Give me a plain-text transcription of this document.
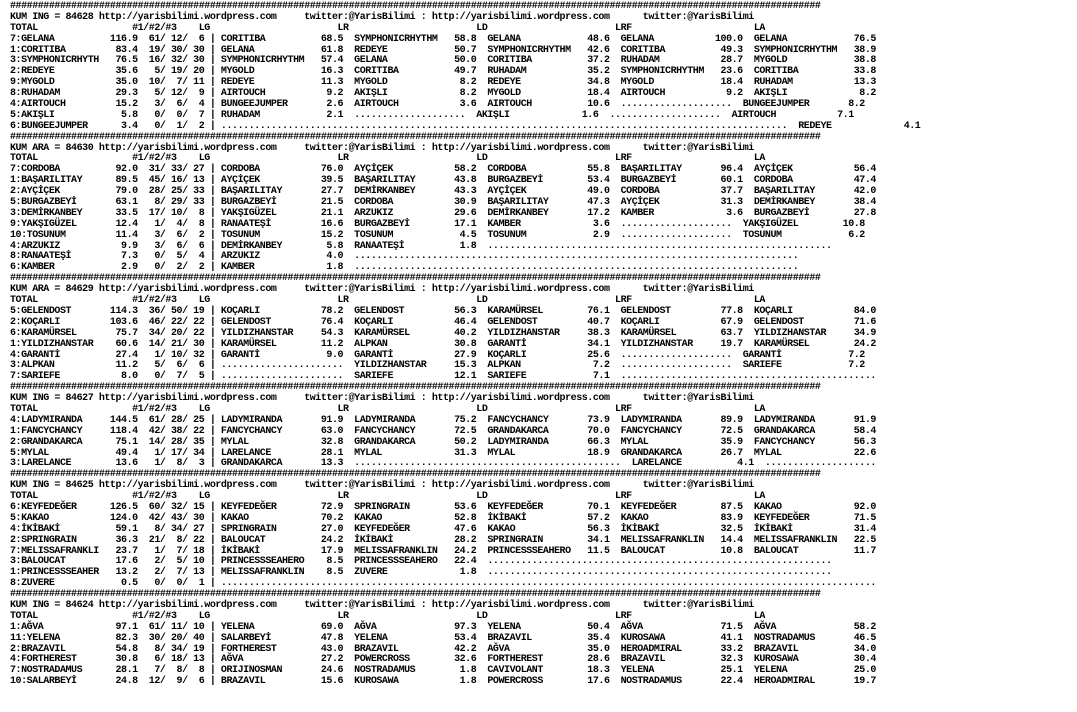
##################################################################################################################################################
KUM ING = 84628 http://yarisbilimi.wordpress.com     twitter:@YarisBilimi : http://yarisbilimi.wordpress.com      twitter:@YarisBilimi
TOTAL                 #1/#2/#3    LG                       LR                       LD                       LRF                      LA
7:GELANA          116.9  61/ 12/  6 | CORITIBA          68.5  SYMPHONICRHYTHM   58.8  GELANA            48.6  GELANA           100.0  GELANA            76.5
1:CORITIBA         83.4  19/ 30/ 30 | GELANA            61.8  REDEYE            50.7  SYMPHONICRHYTHM   42.6  CORITIBA          49.3  SYMPHONICRHYTHM   38.9
3:SYMPHONICRHYTH   76.5  16/ 32/ 30 | SYMPHONICRHYTHM   57.4  GELANA            50.0  CORITIBA          37.2  RUHADAM           28.7  MYGOLD            38.8
2:REDEYE           35.6   5/ 19/ 20 | MYGOLD            16.3  CORITIBA          49.7  RUHADAM           35.2  SYMPHONICRHYTHM   23.6  CORITIBA          33.8
9:MYGOLD           35.0  10/  7/ 11 | REDEYE            11.3  MYGOLD             8.2  REDEYE            34.8  MYGOLD            18.4  RUHADAM           13.3
8:RUHADAM          29.3   5/ 12/  9 | AIRTOUCH           9.2  AKIŞLI             8.2  MYGOLD            18.4  AIRTOUCH           9.2  AKIŞLI             8.2
4:AIRTOUCH         15.2   3/  6/  4 | BUNGEEJUMPER       2.6  AIRTOUCH           3.6  AIRTOUCH          10.6  ....................  BUNGEEJUMPER       8.2
5:AKIŞLI            5.8   0/  0/  7 | RUHADAM            2.1  ....................  AKIŞLI             1.6  ....................  AIRTOUCH           7.1
6:BUNGEEJUMPER      3.4   0/  1/  2 | ......................................................................................................  REDEYE             4.1
##################################################################################################################################################
KUM ARA = 84630 http://yarisbilimi.wordpress.com     twitter:@YarisBilimi : http://yarisbilimi.wordpress.com      twitter:@YarisBilimi
TOTAL                 #1/#2/#3    LG                       LR                       LD                       LRF                      LA
7:CORDOBA          92.0  31/ 33/ 27 | CORDOBA           76.0  AYÇİÇEK           58.2  CORDOBA           55.8  BAŞARILITAY       96.4  AYÇİÇEK           56.4
1:BAŞARILITAY      89.5  45/ 16/ 13 | AYÇİÇEK           39.5  BAŞARILITAY       43.8  BURGAZBEYİ        53.4  BURGAZBEYİ        60.1  CORDOBA           47.4
2:AYÇİÇEK          79.0  28/ 25/ 33 | BAŞARILITAY       27.7  DEMİRKANBEY       43.3  AYÇİÇEK           49.0  CORDOBA           37.7  BAŞARILITAY       42.0
5:BURGAZBEYİ       63.1   8/ 29/ 33 | BURGAZBEYİ        21.5  CORDOBA           30.9  BAŞARILITAY       47.3  AYÇİÇEK           31.3  DEMİRKANBEY       38.4
3:DEMİRKANBEY      33.5  17/ 10/  8 | YAKŞIGÜZEL        21.1  ARZUKIZ           29.6  DEMİRKANBEY       17.2  KAMBER             3.6  BURGAZBEYİ        27.8
9:YAKŞIGÜZEL       12.4   1/  4/  8 | RANAATEŞİ         16.6  BURGAZBEYİ        17.1  KAMBER             3.6  ....................  YAKŞIGÜZEL        10.8
10:TOSUNUM         11.4   3/  6/  2 | TOSUNUM           15.2  TOSUNUM            4.5  TOSUNUM            2.9  ....................  TOSUNUM            6.2
4:ARZUKIZ           9.9   3/  6/  6 | DEMİRKANBEY        5.8  RANAATEŞİ          1.8  ..............................................................
8:RANAATEŞİ         7.3   0/  5/  4 | ARZUKIZ            4.0  ................................................................................
6:KAMBER            2.9   0/  2/  2 | KAMBER             1.8  ................................................................................
##################################################################################################################################################
KUM ARA = 84629 http://yarisbilimi.wordpress.com     twitter:@YarisBilimi : http://yarisbilimi.wordpress.com      twitter:@YarisBilimi
TOTAL                 #1/#2/#3    LG                       LR                       LD                       LRF                      LA
5:GELENDOST       114.3  36/ 50/ 19 | KOÇARLI           78.2  GELENDOST         56.3  KARAMÜRSEL        76.1  GELENDOST         77.8  KOÇARLI           84.0
2:KOÇARLI         103.6  46/ 22/ 22 | GELENDOST         76.4  KOÇARLI           46.4  GELENDOST         40.7  KOÇARLI           67.9  GELENDOST         71.6
6:KARAMÜRSEL       75.7  34/ 20/ 22 | YILDIZHANSTAR     54.3  KARAMÜRSEL        40.2  YILDIZHANSTAR     38.3  KARAMÜRSEL        63.7  YILDIZHANSTAR     34.9
1:YILDIZHANSTAR    60.6  14/ 21/ 30 | KARAMÜRSEL        11.2  ALPKAN            30.8  GARANTİ           34.1  YILDIZHANSTAR     19.7  KARAMÜRSEL        24.2
4:GARANTİ          27.4   1/ 10/ 32 | GARANTİ            9.0  GARANTİ           27.9  KOÇARLI           25.6  ....................  GARANTİ            7.2
3:ALPKAN           11.2   5/  6/  6 | ......................  YILDIZHANSTAR     15.3  ALPKAN             7.2  ....................  SARIEFE            7.2
7:SARIEFE           8.0   0/  7/  5 | ......................  SARIEFE           12.1  SARIEFE            7.1  ..............................................
##################################################################################################################################################
KUM ING = 84627 http://yarisbilimi.wordpress.com     twitter:@YarisBilimi : http://yarisbilimi.wordpress.com      twitter:@YarisBilimi
TOTAL                 #1/#2/#3    LG                       LR                       LD                       LRF                      LA
4:LADYMIRANDA     144.5  61/ 28/ 25 | LADYMIRANDA       91.9  LADYMIRANDA       75.2  FANCYCHANCY       73.9  LADYMIRANDA       89.9  LADYMIRANDA       91.9
1:FANCYCHANCY     118.4  42/ 38/ 22 | FANCYCHANCY       63.0  FANCYCHANCY       72.5  GRANDAKARCA       70.0  FANCYCHANCY       72.5  GRANDAKARCA       58.4
2:GRANDAKARCA      75.1  14/ 28/ 35 | MYLAL             32.8  GRANDAKARCA       50.2  LADYMIRANDA       66.3  MYLAL             35.9  FANCYCHANCY       56.3
5:MYLAL            49.4   1/ 17/ 34 | LARELANCE         28.1  MYLAL             31.3  MYLAL             18.9  GRANDAKARCA       26.7  MYLAL             22.6
3:LARELANCE        13.6   1/  8/  3 | GRANDAKARCA       13.3  ................................................  LARELANCE          4.1  ....................
##################################################################################################################################################
KUM ING = 84625 http://yarisbilimi.wordpress.com     twitter:@YarisBilimi : http://yarisbilimi.wordpress.com      twitter:@YarisBilimi
TOTAL                 #1/#2/#3    LG                       LR                       LD                       LRF                      LA
6:KEYFEDEĞER      126.5  60/ 32/ 15 | KEYFEDEĞER        72.9  SPRINGRAIN        53.6  KEYFEDEĞER        70.1  KEYFEDEĞER        87.5  KAKAO             92.0
5:KAKAO           124.0  42/ 43/ 30 | KAKAO             70.2  KAKAO             52.8  İKİBAKİ           57.2  KAKAO             83.9  KEYFEDEĞER        71.5
4:İKİBAKİ          59.1   8/ 34/ 27 | SPRINGRAIN        27.0  KEYFEDEĞER        47.6  KAKAO             56.3  İKİBAKİ           32.5  İKİBAKİ           31.4
2:SPRINGRAIN       36.3  21/  8/ 22 | BALOUCAT          24.2  İKİBAKİ           28.2  SPRINGRAIN        34.1  MELISSAFRANKLIN   14.4  MELISSAFRANKLIN   22.5
7:MELISSAFRANKLI   23.7   1/  7/ 18 | İKİBAKİ           17.9  MELISSAFRANKLIN   24.2  PRINCESSSEAHERO   11.5  BALOUCAT          10.8  BALOUCAT          11.7
3:BALOUCAT         17.6   2/  5/ 10 | PRINCESSSEAHERO    8.5  PRINCESSSEAHERO   22.4  ..............................................................
1:PRINCESSSEAHER   13.2   2/  7/ 13 | MELISSAFRANKLIN    8.5  ZUVERE             1.8  ..............................................................
8:ZUVERE            0.5   0/  0/  1 | ......................................................................................................................
##################################################################################################################################################
KUM ING = 84624 http://yarisbilimi.wordpress.com     twitter:@YarisBilimi : http://yarisbilimi.wordpress.com      twitter:@YarisBilimi
TOTAL                 #1/#2/#3    LG                       LR                       LD                       LRF                      LA
1:AĞVA             97.1  61/ 11/ 10 | YELENA            69.0  AĞVA              97.3  YELENA            50.4  AĞVA              71.5  AĞVA              58.2
11:YELENA          82.3  30/ 20/ 40 | SALARBEYİ         47.8  YELENA            53.4  BRAZAVIL          35.4  KUROSAWA          41.1  NOSTRADAMUS       46.5
2:BRAZAVIL         54.8   8/ 34/ 19 | FORTHEREST        43.0  BRAZAVIL          42.2  AĞVA              35.0  HEROADMIRAL       33.2  BRAZAVIL          34.0
4:FORTHEREST       30.8   6/ 18/ 13 | AĞVA              27.2  POWERCROSS        32.6  FORTHEREST        28.6  BRAZAVIL          32.3  KUROSAWA          30.4
7:NOSTRADAMUS      28.1   7/  8/  8 | ORIJINOSMAN       24.6  NOSTRADAMUS        1.8  CAVIVOLANT        18.3  YELENA            25.1  YELENA            25.0
10:SALARBEYİ       24.8  12/  9/  6 | BRAZAVIL          15.6  KUROSAWA           1.8  POWERCROSS        17.6  NOSTRADAMUS       22.4  HEROADMIRAL       19.7
